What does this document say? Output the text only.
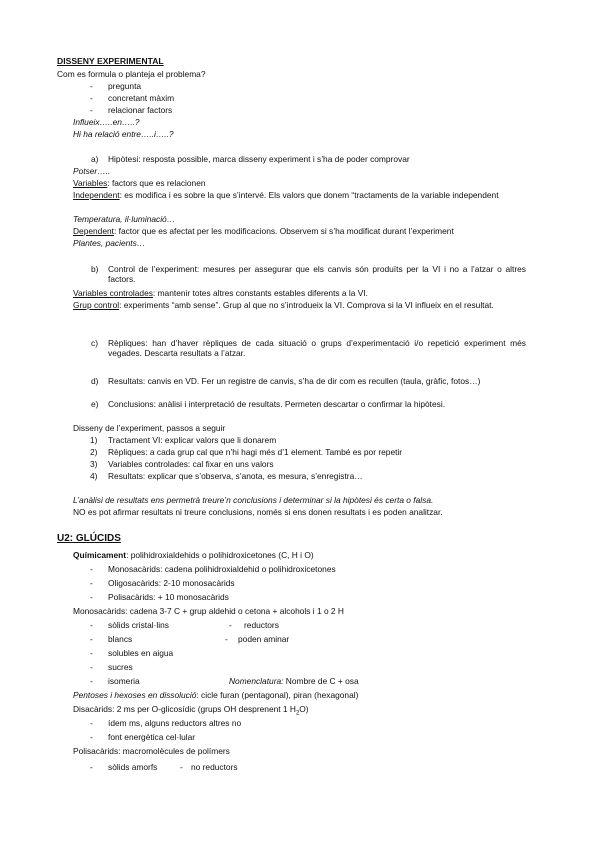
DISSENY EXPERIMENTAL
Com es formula o planteja el problema?
- pregunta
- concretant màxim
- relacionar factors
Influeix…..en…..?
Hi ha relació entre…..i…..?
a) Hipòtesi: resposta possible, marca disseny experiment i s’ha de poder comprovar
Potser…..
Variables: factors que es relacionen
Independent: es modifica i es sobre la que s’intervé. Els valors que donem “tractaments de la variable independent
Temperatura, il·luminació…
Dependent: factor que es afectat per les modificacions. Observem si s’ha modificat durant l’experiment
Plantes, pacients…
b) Control de l’experiment: mesures per assegurar que els canvis són produïts per la VI i no a l’atzar o altres factors.
Variables controlades: mantenir totes altres constants estables diferents a la VI.
Grup control: experiments “amb sense”. Grup al que no s’introdueix la VI. Comprova si la VI influeix en el resultat.
c) Rèpliques: han d’haver rèpliques de cada situació o grups d’experimentació i/o repetició experiment més vegades. Descarta resultats a l’atzar.
d) Resultats: canvis en VD. Fer un registre de canvis, s’ha de dir com es recullen (taula, gràfic, fotos…)
e) Conclusions: anàlisi i interpretació de resultats. Permeten descartar o confirmar la hipòtesi.
Disseny de l’experiment, passos a seguir
1) Tractament VI: explicar valors que li donarem
2) Rèpliques: a cada grup cal que n’hi hagi més d’1 element. També es por repetir
3) Variables controlades: cal fixar en uns valors
4) Resultats: explicar que s’observa, s’anota, es mesura, s’enregistra…
L’anàlisi de resultats ens permetrà treure’n conclusions i determinar si la hipòtesi és certa o falsa.
NO es pot afirmar resultats ni treure conclusions, només si ens donen resultats i es poden analitzar.
U2: GLÚCIDS
Químicament: polihidroxialdehids o polihidroxicetones (C, H i O)
- Monosacàrids: cadena polihidroxialdehid o polihidroxicetones
- Oligosacàrids: 2-10 monosacàrids
- Polisacàrids: + 10 monosacàrids
Monosacàrids: cadena 3-7 C + grup aldehid o cetona + alcohols i 1 o 2 H
- sòlids cristal·lins	- reductors
- blancs	- poden aminar
- solubles en aigua
- sucres
- isomeria	Nomenclatura: Nombre de C + osa
Pentoses i hexoses en dissolució: cicle furan (pentagonal), piran (hexagonal)
Disacàrids: 2 ms per O-glicosídic (grups OH desprenent 1 $H_2O$)
- ídem ms, alguns reductors altres no
- font energètica cel·lular
Polisacàrids: macromolècules de polímers
- sòlids amorfs	- no reductors
